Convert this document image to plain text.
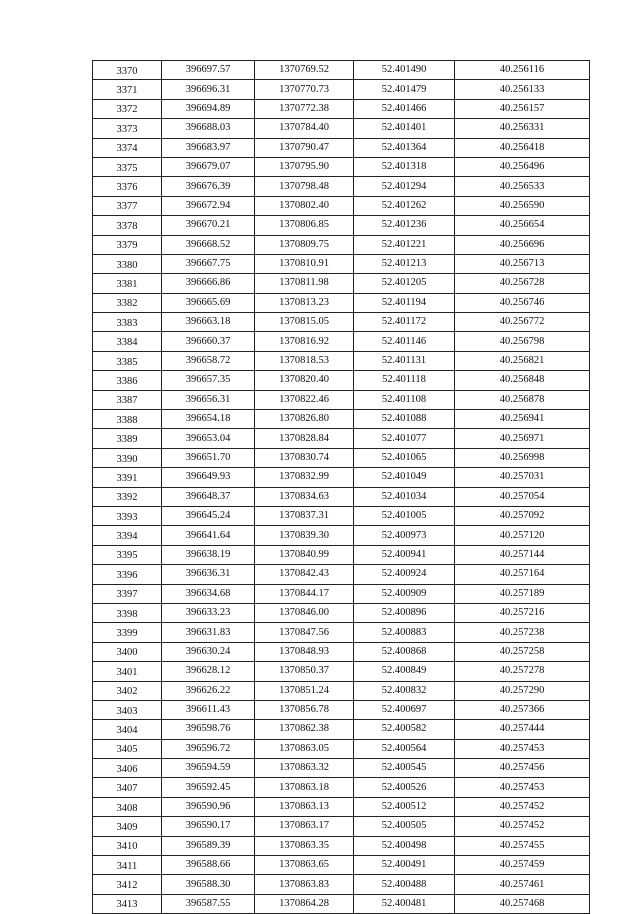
3370	396697.57	1370769.52	52.401490	40.256116
3371	396696.31	1370770.73	52.401479	40.256133
3372	396694.89	1370772.38	52.401466	40.256157
3373	396688.03	1370784.40	52.401401	40.256331
3374	396683.97	1370790.47	52.401364	40.256418
3375	396679.07	1370795.90	52.401318	40.256496
3376	396676.39	1370798.48	52.401294	40.256533
3377	396672.94	1370802.40	52.401262	40.256590
3378	396670.21	1370806.85	52.401236	40.256654
3379	396668.52	1370809.75	52.401221	40.256696
3380	396667.75	1370810.91	52.401213	40.256713
3381	396666.86	1370811.98	52.401205	40.256728
3382	396665.69	1370813.23	52.401194	40.256746
3383	396663.18	1370815.05	52.401172	40.256772
3384	396660.37	1370816.92	52.401146	40.256798
3385	396658.72	1370818.53	52.401131	40.256821
3386	396657.35	1370820.40	52.401118	40.256848
3387	396656.31	1370822.46	52.401108	40.256878
3388	396654.18	1370826.80	52.401088	40.256941
3389	396653.04	1370828.84	52.401077	40.256971
3390	396651.70	1370830.74	52.401065	40.256998
3391	396649.93	1370832.99	52.401049	40.257031
3392	396648.37	1370834.63	52.401034	40.257054
3393	396645.24	1370837.31	52.401005	40.257092
3394	396641.64	1370839.30	52.400973	40.257120
3395	396638.19	1370840.99	52.400941	40.257144
3396	396636.31	1370842.43	52.400924	40.257164
3397	396634.68	1370844.17	52.400909	40.257189
3398	396633.23	1370846.00	52.400896	40.257216
3399	396631.83	1370847.56	52.400883	40.257238
3400	396630.24	1370848.93	52.400868	40.257258
3401	396628.12	1370850.37	52.400849	40.257278
3402	396626.22	1370851.24	52.400832	40.257290
3403	396611.43	1370856.78	52.400697	40.257366
3404	396598.76	1370862.38	52.400582	40.257444
3405	396596.72	1370863.05	52.400564	40.257453
3406	396594.59	1370863.32	52.400545	40.257456
3407	396592.45	1370863.18	52.400526	40.257453
3408	396590.96	1370863.13	52.400512	40.257452
3409	396590.17	1370863.17	52.400505	40.257452
3410	396589.39	1370863.35	52.400498	40.257455
3411	396588.66	1370863.65	52.400491	40.257459
3412	396588.30	1370863.83	52.400488	40.257461
3413	396587.55	1370864.28	52.400481	40.257468
